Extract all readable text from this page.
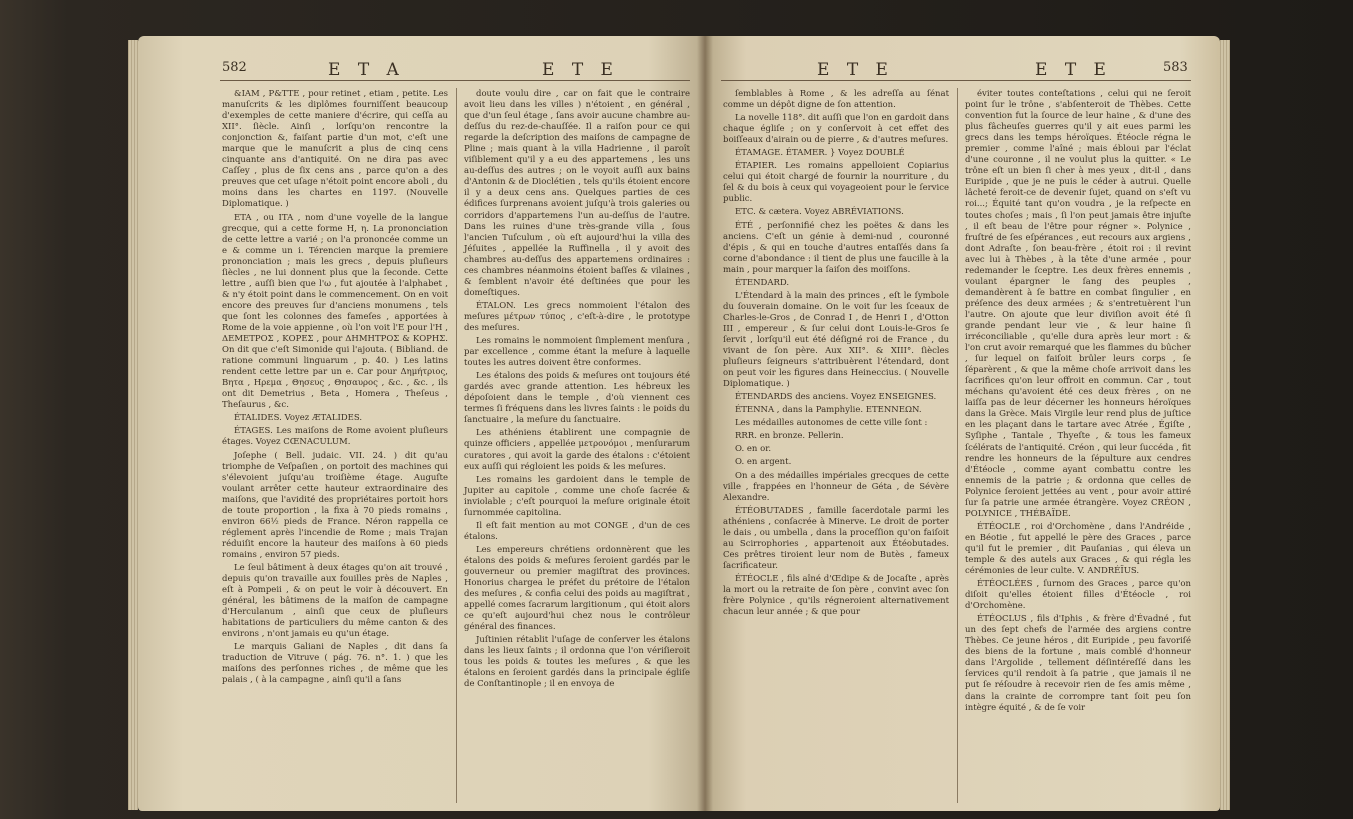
582	E T A	E T E

&IAM , P&TTE , pour retinet , etiam , petite. Les manuſcrits & les diplômes fourniſſent beaucoup d'exemples de cette maniere d'écrire, qui ceſſa au XII°. ſiècle. Ainſi , lorſqu'on rencontre la conjonction &, faiſant partie d'un mot, c'eſt une marque que le manuſcrit a plus de cinq cens cinquante ans d'antiquité. On ne dira pas avec Caſſey , plus de ſix cens ans , parce qu'on a des preuves que cet uſage n'étoit point encore aboli , du moins dans les chartes en 1197. (Nouvelle Diplomatique. )

ETA , ou ITA , nom d'une voyelle de la langue grecque, qui a cette forme H, η. La prononciation de cette lettre a varié ; on l'a prononcée comme un e & comme un i. Térencien marque la premiere prononciation ; mais les grecs , depuis pluſieurs ſiècles , ne lui donnent plus que la ſeconde. Cette lettre , auſſi bien que l'ω , fut ajoutée à l'alphabet , & n'y étoit point dans le commencement. On en voit encore des preuves ſur d'anciens monumens , tels que ſont les colonnes des fameſes , apportées à Rome de la voie appienne , où l'on voit l'E pour l'H , ΔΕΜΕΤΡΟΣ , ΚΟΡΕΣ , pour ΔΗΜΗΤΡΟΣ & ΚΟΡΗΣ. On dit que c'eſt Simonide qui l'ajouta. ( Bibliand. de ratione communi linguarum , p. 40. ) Les latins rendent cette lettre par un e. Car pour Δημήτριος, Βητα , Ηρεμα , Θησευς , Θησαυρος , &c. , &c. , ils ont dit Demetrius , Beta , Homera , Theſeus , Theſaurus , &c.

ÉTALIDES. Voyez ÆTALIDES.

ÉTAGES. Les maiſons de Rome avoient pluſieurs étages. Voyez CŒNACULUM.

Joſephe ( Bell. judaic. VII. 24. ) dit qu'au triomphe de Veſpaſien , on portoit des machines qui s'élevoient juſqu'au troiſième étage. Auguſte voulant arrêter cette hauteur extraordinaire des maiſons, que l'avidité des propriétaires portoit hors de toute proportion , la fixa à 70 pieds romains , environ 66½ pieds de France. Néron rappella ce réglement après l'incendie de Rome ; mais Trajan réduiſit encore la hauteur des maiſons à 60 pieds romains , environ 57 pieds.

Le ſeul bâtiment à deux étages qu'on ait trouvé , depuis qu'on travaille aux fouilles près de Naples , eſt à Pompeii , & on peut le voir à découvert. En général, les bâtimens de la maiſon de campagne d'Herculanum , ainſi que ceux de pluſieurs habitations de particuliers du même canton & des environs , n'ont jamais eu qu'un étage.

Le marquis Galiani de Naples , dit dans ſa traduction de Vitruve ( pág. 76. n°. 1. ) que les maiſons des perſonnes riches , de même que les palais , ( à la campagne , ainſi qu'il a ſans

doute voulu dire , car on fait que le contraire avoit lieu dans les villes ) n'étoient , en général , que d'un ſeul étage , ſans avoir aucune chambre au-deſſus du rez-de-chauſſée. Il a raiſon pour ce qui regarde la deſcription des maiſons de campagne de Pline ; mais quant à la villa Hadrienne , il paroît viſiblement qu'il y a eu des appartemens , les uns au-deſſus des autres ; on le voyoit auſſi aux bains d'Antonin & de Dioclétien , tels qu'ils étoient encore il y a deux cens ans. Quelques parties de ces édifices ſurprenans avoient juſqu'à trois galeries ou corridors d'appartemens l'un au-deſſus de l'autre. Dans les ruines d'une très-grande villa , ſous l'ancien Tuſculum , où eſt aujourd'hui la villa des Jéſuites , appellée la Ruffinella , il y avoit des chambres au-deſſus des appartemens ordinaires : ces chambres néanmoins étoient baſſes & vilaines , & ſemblent n'avoir été deſtinées que pour les domeſtiques.

ÉTALON. Les grecs nommoient l'étalon des meſures μέτρων τύπος , c'eſt-à-dire , le prototype des meſures.

Les romains le nommoient ſimplement menſura , par excellence , comme étant la meſure à laquelle toutes les autres doivent être conformes.

Les étalons des poids & meſures ont toujours été gardés avec grande attention. Les hébreux les dépoſoient dans le temple , d'où viennent ces termes ſi fréquens dans les livres ſaints : le poids du ſanctuaire , la meſure du ſanctuaire.

Les athéniens établirent une compagnie de quinze officiers , appellée μετρονόμοι , menſurarum curatores , qui avoit la garde des étalons : c'étoient eux auſſi qui régloient les poids & les meſures.

Les romains les gardoient dans le temple de Jupiter au capitole , comme une choſe ſacrée & inviolable ; c'eſt pourquoi la meſure originale étoit ſurnommée capitolina.

Il eſt fait mention au mot CONGE , d'un de ces étalons.

Les empereurs chrétiens ordonnèrent que les étalons des poids & meſures ſeroient gardés par le gouverneur ou premier magiſtrat des provinces. Honorius chargea le préfet du prétoire de l'étalon des meſures , & confia celui des poids au magiſtrat , appellé comes ſacrarum largitionum , qui étoit alors ce qu'eſt aujourd'hui chez nous le contrôleur général des finances.

Juſtinien rétablit l'uſage de conſerver les étalons dans les lieux ſaints ; il ordonna que l'on vériſieroit tous les poids & toutes les meſures , & que les étalons en ſeroient gardés dans la principale égliſe de Conſtantinople ; il en envoya de

E T E	E T E	583

ſemblables à Rome , & les adreſſa au ſénat comme un dépôt digne de ſon attention.

La novelle 118°. dit auſſi que l'on en gardoit dans chaque égliſe ; on y conſervoit à cet effet des boiſſeaux d'airain ou de pierre , & d'autres meſures.

ÉTAMAGE. ÉTAMER. } Voyez DOUBLÉ

ÉTAPIER. Les romains appelloient Copiarius celui qui étoit chargé de fournir la nourriture , du ſel & du bois à ceux qui voyageoient pour le ſervice public.

ETC. & cætera. Voyez ABRÉVIATIONS.

ÉTÉ , perſonnifié chez les poëtes & dans les anciens. C'eſt un génie à demi-nud , couronné d'épis , & qui en touche d'autres entaſſés dans ſa corne d'abondance : il tient de plus une faucille à la main , pour marquer la ſaiſon des moiſſons.

ÉTENDARD.

L'Étendard à la main des princes , eſt le ſymbole du ſouverain domaine. On le voit ſur les ſceaux de Charles-le-Gros , de Conrad I , de Henri I , d'Otton III , empereur , & ſur celui dont Louis-le-Gros ſe ſervit , lorſqu'il eut été déſigné roi de France , du vivant de ſon père. Aux XII°. & XIII°. ſiècles pluſieurs ſeigneurs s'attribuèrent l'étendard, dont on peut voir les figures dans Heineccius. ( Nouvelle Diplomatique. )

ÉTENDARDS des anciens. Voyez ENSEIGNES.

ÉTENNA , dans la Pamphylie. ETENNEΩN.

Les médailles autonomes de cette ville ſont :

RRR. en bronze. Pellerin.

O. en or.

O. en argent.

On a des médailles impériales grecques de cette ville , frappées en l'honneur de Géta , de Sévère Alexandre.

ÉTÉOBUTADES , famille ſacerdotale parmi les athéniens , conſacrée à Minerve. Le droit de porter le dais , ou umbella , dans la proceſſion qu'on faiſoit au Scirrophories , appartenoit aux Étéobutades. Ces prêtres tiroient leur nom de Butès , fameux ſacrificateur.

ÉTÉOCLE , fils aîné d'Œdipe & de Jocaſte , après la mort ou la retraite de ſon père , convint avec ſon frère Polynice , qu'ils régneroient alternativement chacun leur année ; & que pour

éviter toutes conteſtations , celui qui ne ſeroit point ſur le trône , s'abſenteroit de Thèbes. Cette convention fut la ſource de leur haine , & d'une des plus fâcheuſes guerres qu'il y ait eues parmi les grecs dans les temps héroïques. Étéocle régna le premier , comme l'aîné ; mais ébloui par l'éclat d'une couronne , il ne voulut plus la quitter. « Le trône eſt un bien ſi cher à mes yeux , dit-il , dans Euripide , que je ne puis le céder à autrui. Quelle lâcheté feroit-ce de devenir ſujet, quand on s'eſt vu roi...; Équité tant qu'on voudra , je la reſpecte en toutes choſes ; mais , ſi l'on peut jamais être injuſte , il eſt beau de l'être pour régner ». Polynice , fruſtré de ſes eſpérances , eut recours aux argiens , dont Adraſte , ſon beau-frère , étoit roi : il revint avec lui à Thèbes , à la tête d'une armée , pour redemander le ſceptre. Les deux frères ennemis , voulant épargner le ſang des peuples , demandèrent à ſe battre en combat ſingulier , en préſence des deux armées ; & s'entretuèrent l'un l'autre. On ajoute que leur diviſion avoit été ſi grande pendant leur vie , & leur haine ſi irréconciliable , qu'elle dura après leur mort : & l'on crut avoir remarqué que les flammes du bûcher , ſur lequel on faiſoit brûler leurs corps , ſe ſéparèrent , & que la même choſe arrivoit dans les ſacrifices qu'on leur offroit en commun. Car , tout méchans qu'avoient été ces deux frères , on ne laiſſa pas de leur décerner les honneurs héroïques dans la Grèce. Mais Virgile leur rend plus de juſtice en les plaçant dans le tartare avec Atrée , Égiſte , Syſiphe , Tantale , Thyeſte , & tous les fameux ſcélérats de l'antiquité. Créon , qui leur ſuccéda , fit rendre les honneurs de la ſépulture aux cendres d'Étéocle , comme ayant combattu contre les ennemis de la patrie ; & ordonna que celles de Polynice ſeroient jettées au vent , pour avoir attiré ſur ſa patrie une armée étrangère. Voyez CRÉON , POLYNICE , THÉBAÏDE.

ÉTÉOCLE , roi d'Orchomène , dans l'Andréide , en Béotie , fut appellé le père des Graces , parce qu'il fut le premier , dit Pauſanias , qui éleva un temple & des autels aux Graces , & qui régla les cérémonies de leur culte. V. ANDRÉÏUS.

ÉTÉOCLÉES , ſurnom des Graces , parce qu'on diſoit qu'elles étoient filles d'Étéocle , roi d'Orchomène.

ÉTÉOCLUS , fils d'Iphis , & frère d'Évadné , fut un des ſept chefs de l'armée des argiens contre Thèbes. Ce jeune héros , dit Euripide , peu favoriſé des biens de la fortune , mais comblé d'honneur dans l'Argolide , tellement déſintéreſſé dans les ſervices qu'il rendoit à ſa patrie , que jamais il ne put ſe réſoudre à recevoir rien de ſes amis même , dans la crainte de corrompre tant ſoit peu ſon intègre équité , & de ſe voir
